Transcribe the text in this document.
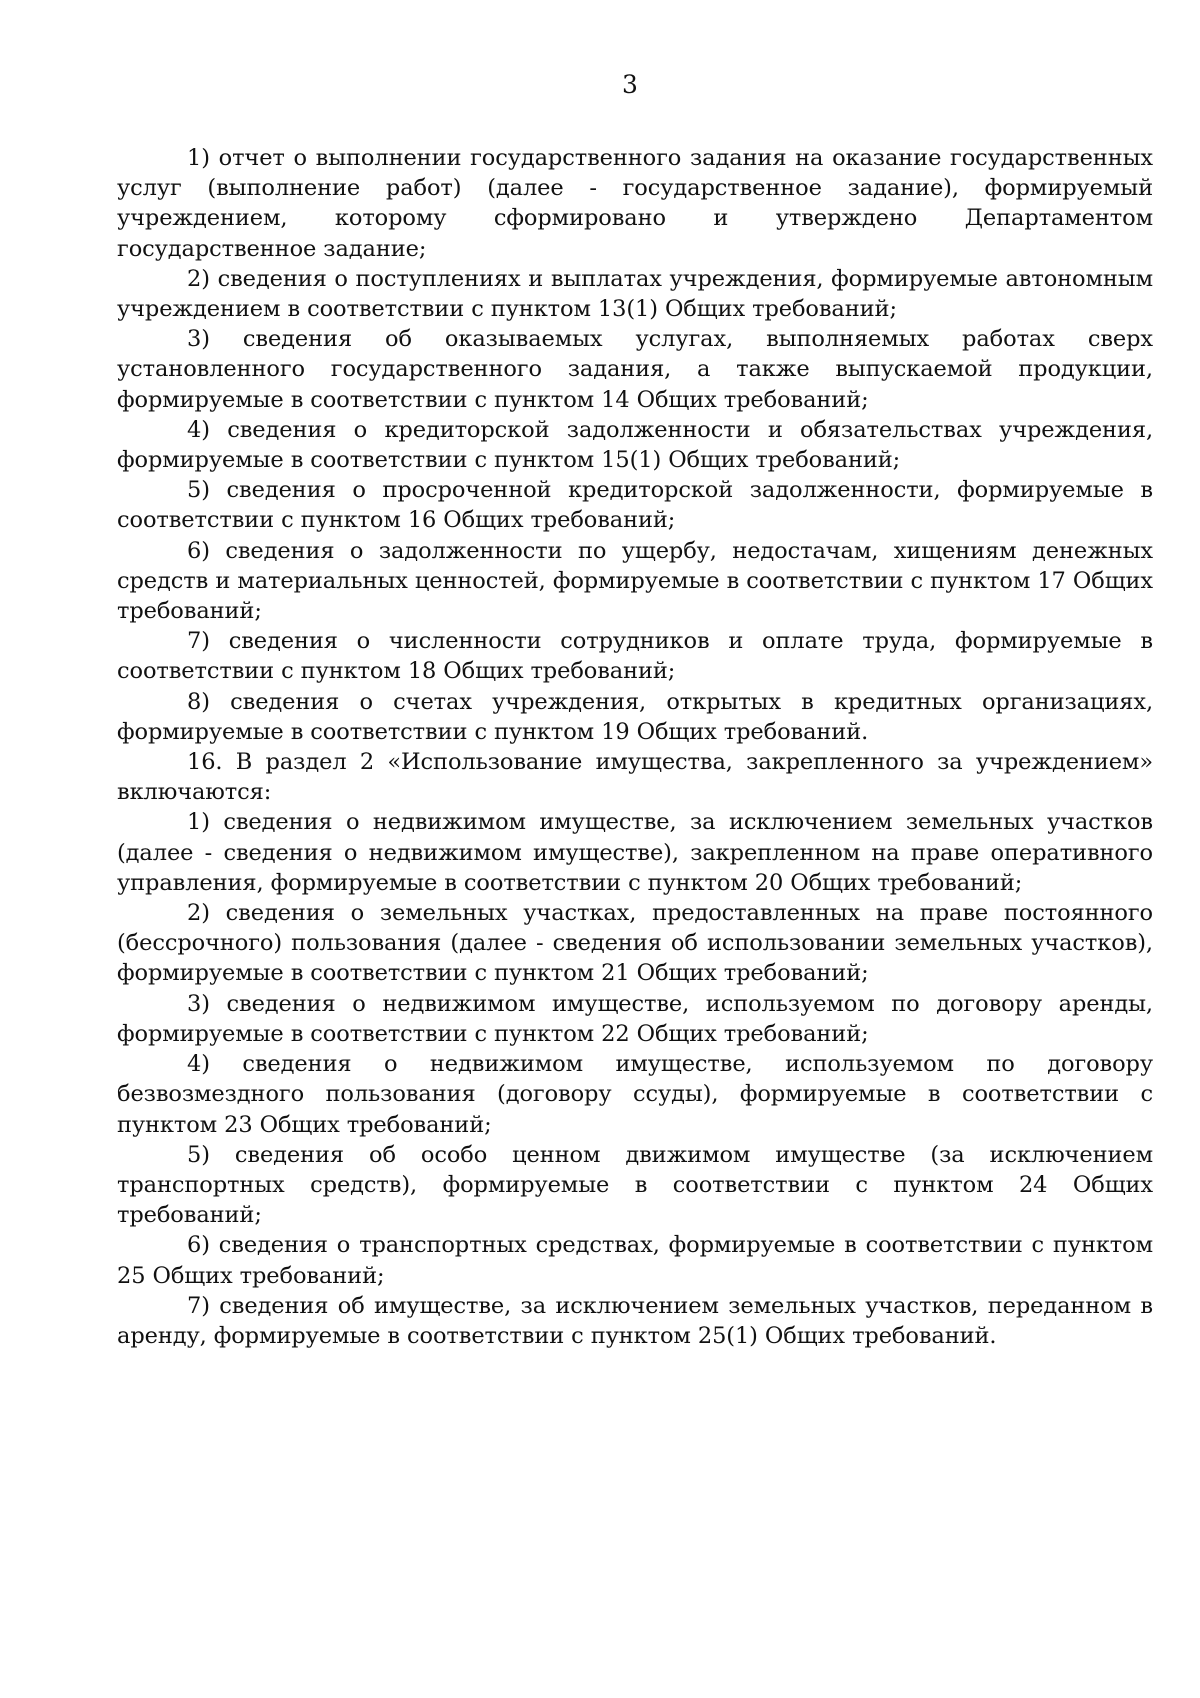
3

1) отчет о выполнении государственного задания на оказание государственных услуг (выполнение работ) (далее - государственное задание), формируемый учреждением, которому сформировано и утверждено Департаментом государственное задание;

2) сведения о поступлениях и выплатах учреждения, формируемые автономным учреждением в соответствии с пунктом 13(1) Общих требований;

3) сведения об оказываемых услугах, выполняемых работах сверх установленного государственного задания, а также выпускаемой продукции, формируемые в соответствии с пунктом 14 Общих требований;

4) сведения о кредиторской задолженности и обязательствах учреждения, формируемые в соответствии с пунктом 15(1) Общих требований;

5) сведения о просроченной кредиторской задолженности, формируемые в соответствии с пунктом 16 Общих требований;

6) сведения о задолженности по ущербу, недостачам, хищениям денежных средств и материальных ценностей, формируемые в соответствии с пунктом 17 Общих требований;

7) сведения о численности сотрудников и оплате труда, формируемые в соответствии с пунктом 18 Общих требований;

8) сведения о счетах учреждения, открытых в кредитных организациях, формируемые в соответствии с пунктом 19 Общих требований.

16. В раздел 2 «Использование имущества, закрепленного за учреждением» включаются:

1) сведения о недвижимом имуществе, за исключением земельных участков (далее - сведения о недвижимом имуществе), закрепленном на праве оперативного управления, формируемые в соответствии с пунктом 20 Общих требований;

2) сведения о земельных участках, предоставленных на праве постоянного (бессрочного) пользования (далее - сведения об использовании земельных участков), формируемые в соответствии с пунктом 21 Общих требований;

3) сведения о недвижимом имуществе, используемом по договору аренды, формируемые в соответствии с пунктом 22 Общих требований;

4) сведения о недвижимом имуществе, используемом по договору безвозмездного пользования (договору ссуды), формируемые в соответствии с пунктом 23 Общих требований;

5) сведения об особо ценном движимом имуществе (за исключением транспортных средств), формируемые в соответствии с пунктом 24 Общих требований;

6) сведения о транспортных средствах, формируемые в соответствии с пунктом 25 Общих требований;

7) сведения об имуществе, за исключением земельных участков, переданном в аренду, формируемые в соответствии с пунктом 25(1) Общих требований.
